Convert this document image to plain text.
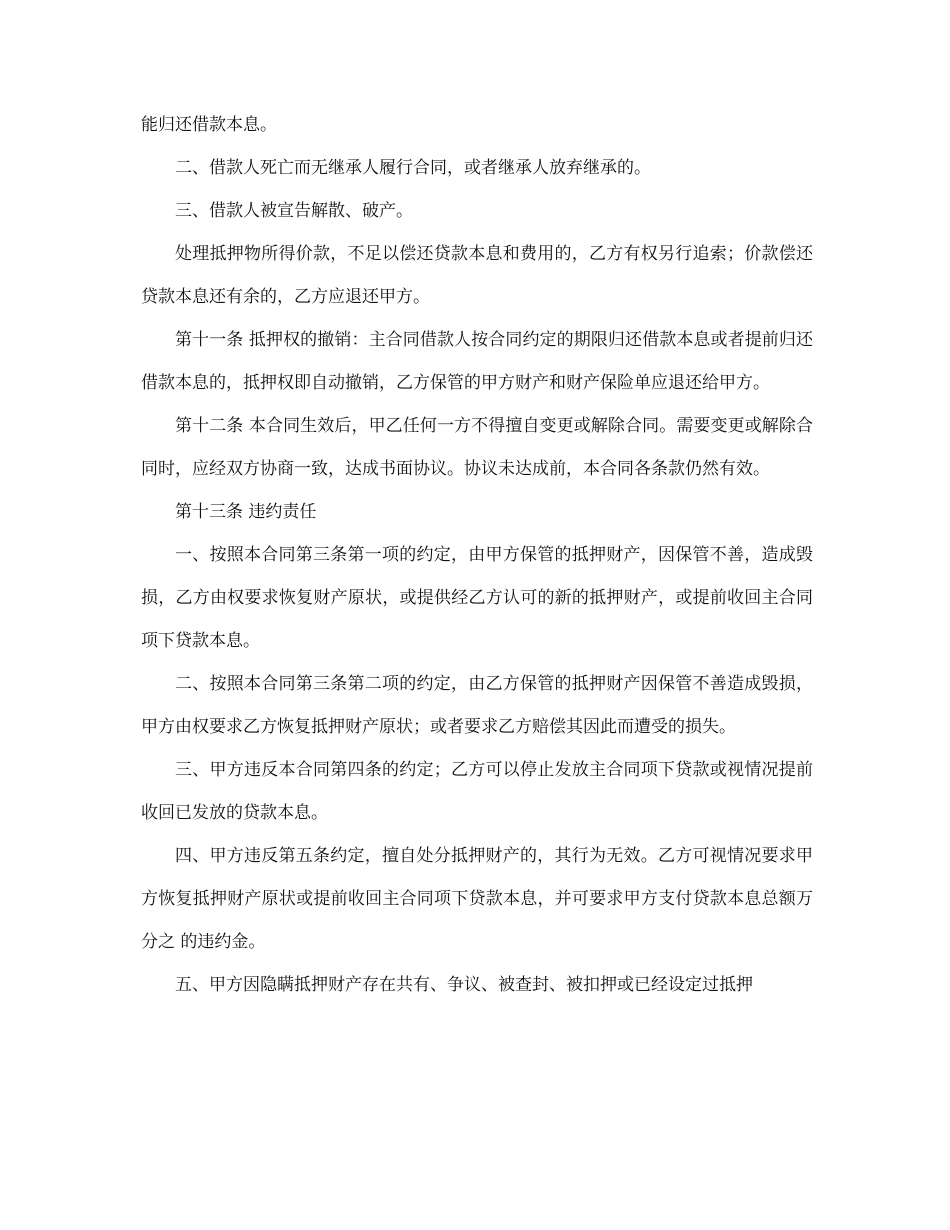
能归还借款本息。

二、借款人死亡而无继承人履行合同，或者继承人放弃继承的。

三、借款人被宣告解散、破产。

处理抵押物所得价款，不足以偿还贷款本息和费用的，乙方有权另行追索；价款偿还贷款本息还有余的，乙方应退还甲方。

第十一条 抵押权的撤销：主合同借款人按合同约定的期限归还借款本息或者提前归还借款本息的，抵押权即自动撤销，乙方保管的甲方财产和财产保险单应退还给甲方。

第十二条 本合同生效后，甲乙任何一方不得擅自变更或解除合同。需要变更或解除合同时，应经双方协商一致，达成书面协议。协议未达成前，本合同各条款仍然有效。

第十三条 违约责任

一、按照本合同第三条第一项的约定，由甲方保管的抵押财产，因保管不善，造成毁损，乙方由权要求恢复财产原状，或提供经乙方认可的新的抵押财产，或提前收回主合同项下贷款本息。

二、按照本合同第三条第二项的约定，由乙方保管的抵押财产因保管不善造成毁损，甲方由权要求乙方恢复抵押财产原状；或者要求乙方赔偿其因此而遭受的损失。

三、甲方违反本合同第四条的约定；乙方可以停止发放主合同项下贷款或视情况提前收回已发放的贷款本息。

四、甲方违反第五条约定，擅自处分抵押财产的，其行为无效。乙方可视情况要求甲方恢复抵押财产原状或提前收回主合同项下贷款本息，并可要求甲方支付贷款本息总额万分之 的违约金。

五、甲方因隐瞒抵押财产存在共有、争议、被查封、被扣押或已经设定过抵押
